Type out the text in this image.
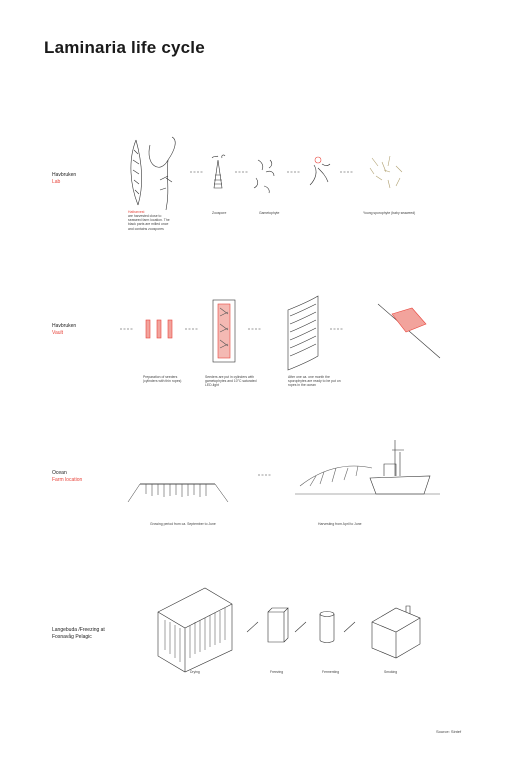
Laminaria life cycle
Havbruken
Lab
Havbruken
Vault
Ocean
Farm location
Langebuda /Freezing at Fosnavåg Pelagic
Hatharvest
are harvested close to seaweed farm location. The black parts are milled once and contains zoospores
Zoospore	Gametophyte	Young sporophyte (baby seaweed)
Preparation of seeders (cylinders with thin ropes)
Seeders are put in cylinders with gametophytes and 10°C saturated LED-light
After one ca. one month the sporophytes are ready to be put on ropes in the ocean
Growing period from ca. September to June	Harvesting from April to June
Drying	Freezing	Fermenting	Smoking
Source: Sintef
